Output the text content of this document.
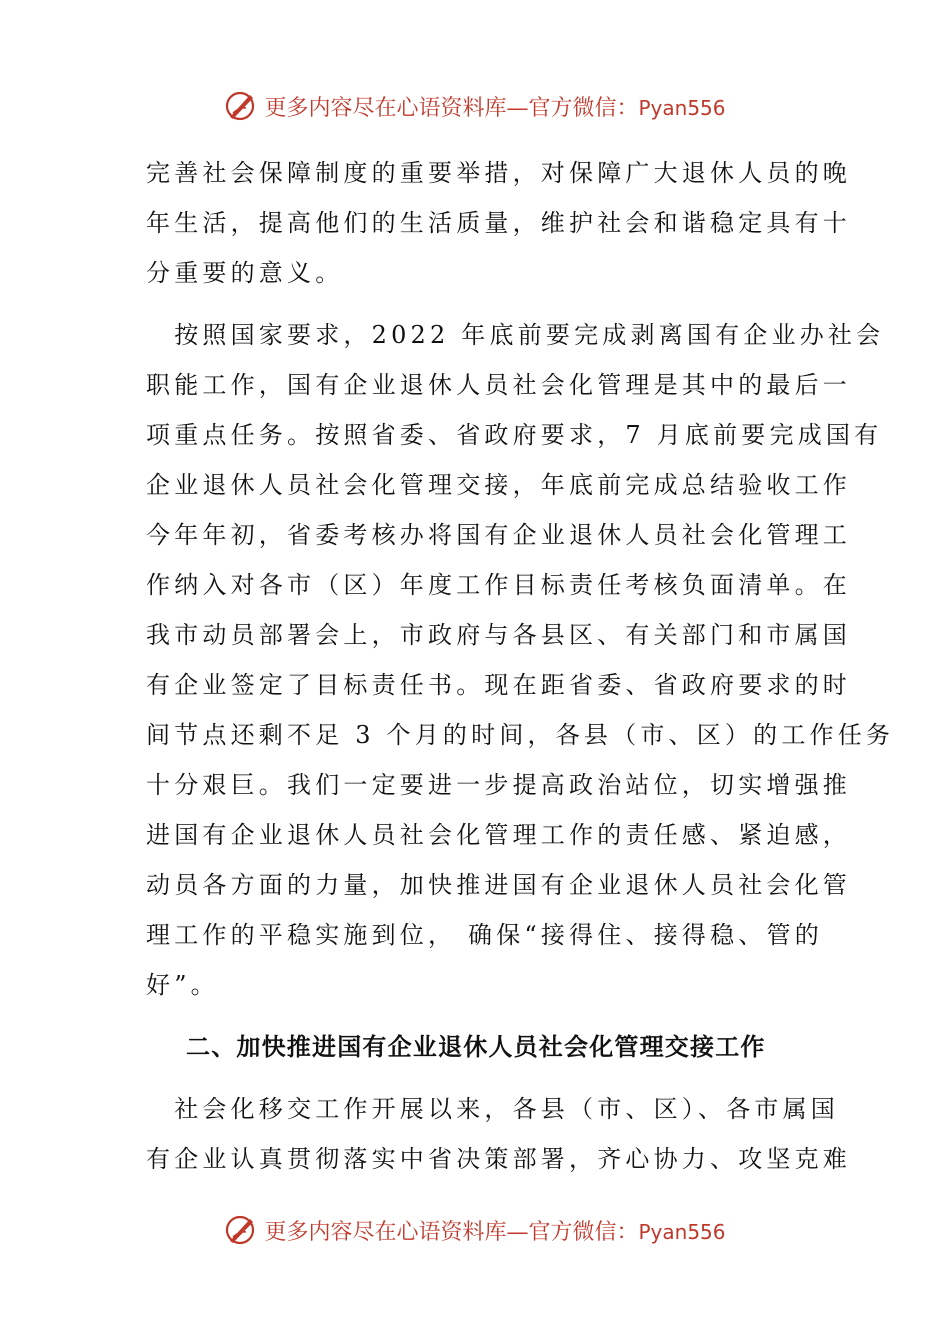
更多内容尽在心语资料库—官方微信：Pyan556
完善社会保障制度的重要举措，对保障广大退休人员的晚
年生活，提高他们的生活质量，维护社会和谐稳定具有十
分重要的意义。
　按照国家要求，2022 年底前要完成剥离国有企业办社会
职能工作，国有企业退休人员社会化管理是其中的最后一
项重点任务。按照省委、省政府要求，7 月底前要完成国有
企业退休人员社会化管理交接，年底前完成总结验收工作
今年年初，省委考核办将国有企业退休人员社会化管理工
作纳入对各市（区）年度工作目标责任考核负面清单。在
我市动员部署会上，市政府与各县区、有关部门和市属国
有企业签定了目标责任书。现在距省委、省政府要求的时
间节点还剩不足 3 个月的时间，各县（市、区）的工作任务
十分艰巨。我们一定要进一步提高政治站位，切实增强推
进国有企业退休人员社会化管理工作的责任感、紧迫感，
动员各方面的力量，加快推进国有企业退休人员社会化管
理工作的平稳实施到位， 确保“接得住、接得稳、管的
好”。
二、加快推进国有企业退休人员社会化管理交接工作
　社会化移交工作开展以来，各县（市、区）、各市属国
有企业认真贯彻落实中省决策部署，齐心协力、攻坚克难
更多内容尽在心语资料库—官方微信：Pyan556
